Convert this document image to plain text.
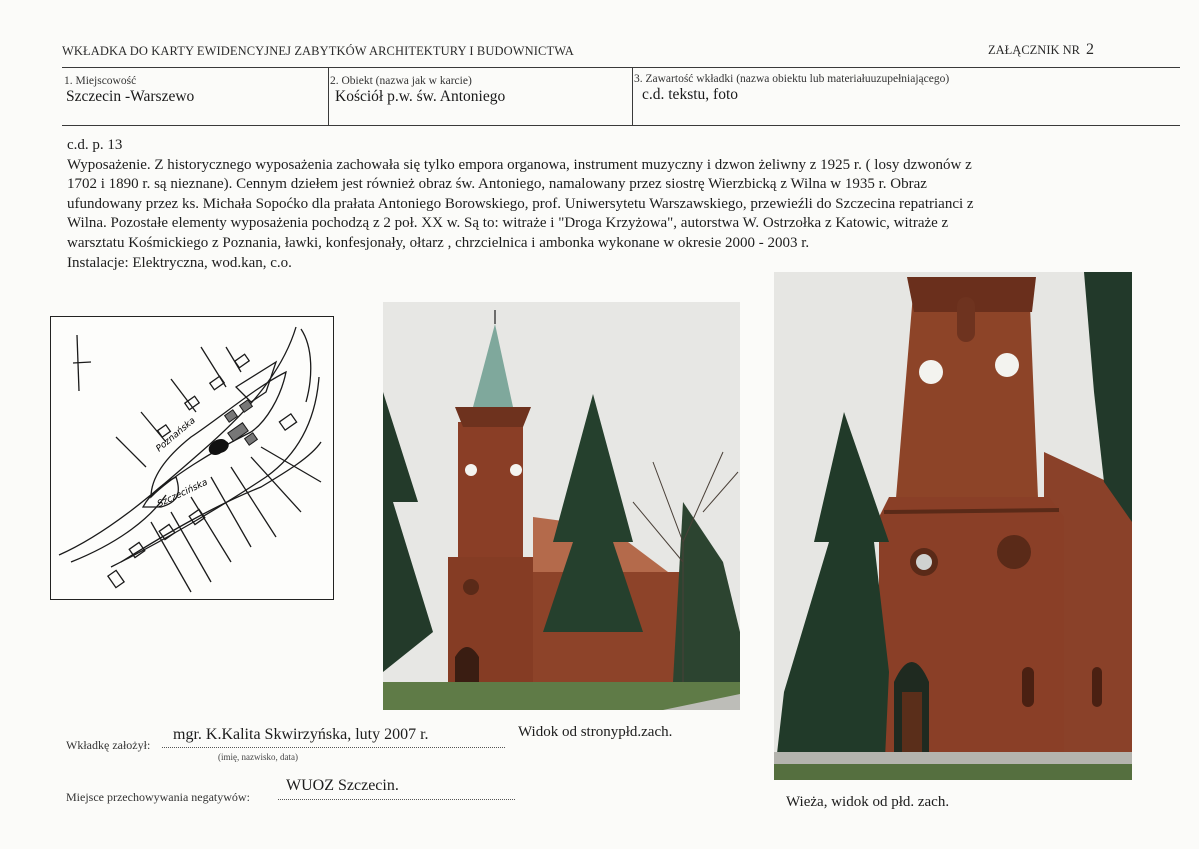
WKŁADKA DO KARTY EWIDENCYJNEJ ZABYTKÓW ARCHITEKTURY I BUDOWNICTWA	ZAŁĄCZNIK NR 2
1. Miejscowość
Szczecin -Warszewo
2. Obiekt (nazwa jak w karcie)
Kościół p.w. św. Antoniego
3. Zawartość wkładki (nazwa obiektu lub materiałuuzupełniającego)
c.d. tekstu, foto

c.d. p. 13

Wyposażenie. Z historycznego wyposażenia zachowała się tylko empora organowa, instrument muzyczny i dzwon żeliwny z 1925 r. ( losy dzwonów z

1702 i 1890 r. są nieznane). Cennym dziełem jest również obraz św. Antoniego, namalowany przez siostrę Wierzbicką z Wilna w 1935 r. Obraz

ufundowany przez ks. Michała Sopoćko dla prałata Antoniego Borowskiego, prof. Uniwersytetu Warszawskiego, przewieźli do Szczecina repatrianci z

Wilna. Pozostałe elementy wyposażenia pochodzą z 2 poł. XX w. Są to: witraże i "Droga Krzyżowa", autorstwa W. Ostrzołka z Katowic, witraże z

warsztatu Kośmickiego z Poznania, ławki, konfesjonały, ołtarz , chrzcielnica i ambonka wykonane w okresie 2000 - 2003 r.

Instalacje: Elektryczna, wod.kan, c.o.

Poznańska
Szczecińska
Widok od stronypłd.zach.
Wieża, widok od płd. zach.
Wkładkę założył:
mgr. K.Kalita Skwirzyńska, luty 2007 r.
(imię, nazwisko, data)
Miejsce przechowywania negatywów:
WUOZ Szczecin.
